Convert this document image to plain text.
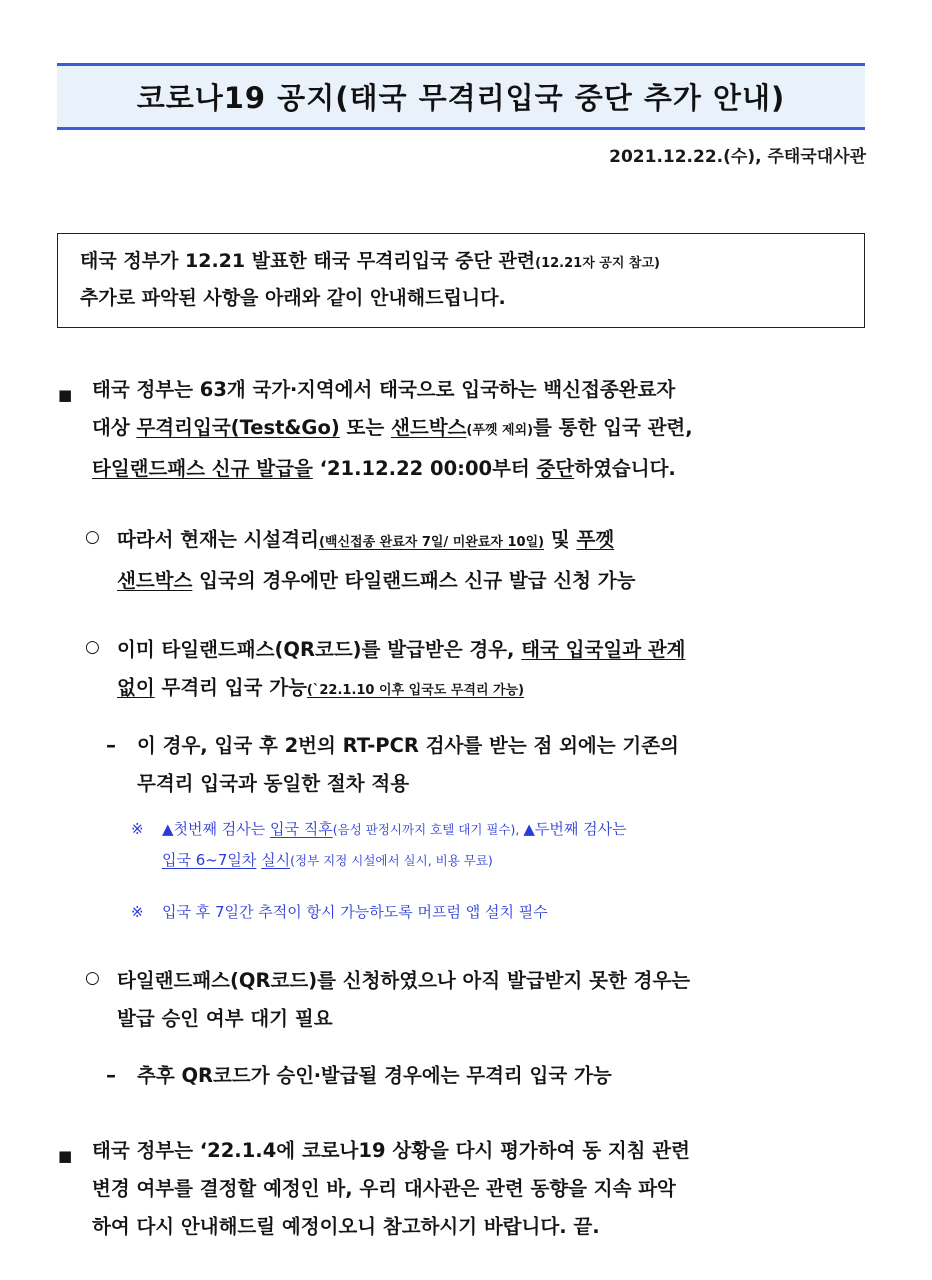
코로나19 공지(태국 무격리입국 중단 추가 안내)
2021.12.22.(수), 주태국대사관
태국 정부가 12.21 발표한 태국 무격리입국 중단 관련(12.21자 공지 참고)
추가로 파악된 사항을 아래와 같이 안내해드립니다.
■ 태국 정부는 63개 국가‧지역에서 태국으로 입국하는 백신접종완료자
대상 무격리입국(Test&Go) 또는 샌드박스(푸껫 제외)를 통한 입국 관련,
타일랜드패스 신규 발급을 ‘21.12.22 00:00부터 중단하였습니다.
○ 따라서 현재는 시설격리(백신접종 완료자 7일/ 미완료자 10일) 및 푸껫
샌드박스 입국의 경우에만 타일랜드패스 신규 발급 신청 가능
○ 이미 타일랜드패스(QR코드)를 발급받은 경우, 태국 입국일과 관계
없이 무격리 입국 가능(`22.1.10 이후 입국도 무격리 가능)
– 이 경우, 입국 후 2번의 RT-PCR 검사를 받는 점 외에는 기존의
무격리 입국과 동일한 절차 적용
※ ▲첫번째 검사는 입국 직후(음성 판정시까지 호텔 대기 필수), ▲두번째 검사는
입국 6~7일차 실시(정부 지정 시설에서 실시, 비용 무료)
※ 입국 후 7일간 추적이 항시 가능하도록 머프럼 앱 설치 필수
○ 타일랜드패스(QR코드)를 신청하였으나 아직 발급받지 못한 경우는
발급 승인 여부 대기 필요
– 추후 QR코드가 승인‧발급될 경우에는 무격리 입국 가능
■ 태국 정부는 ‘22.1.4에 코로나19 상황을 다시 평가하여 동 지침 관련
변경 여부를 결정할 예정인 바, 우리 대사관은 관련 동향을 지속 파악
하여 다시 안내해드릴 예정이오니 참고하시기 바랍니다. 끝.
